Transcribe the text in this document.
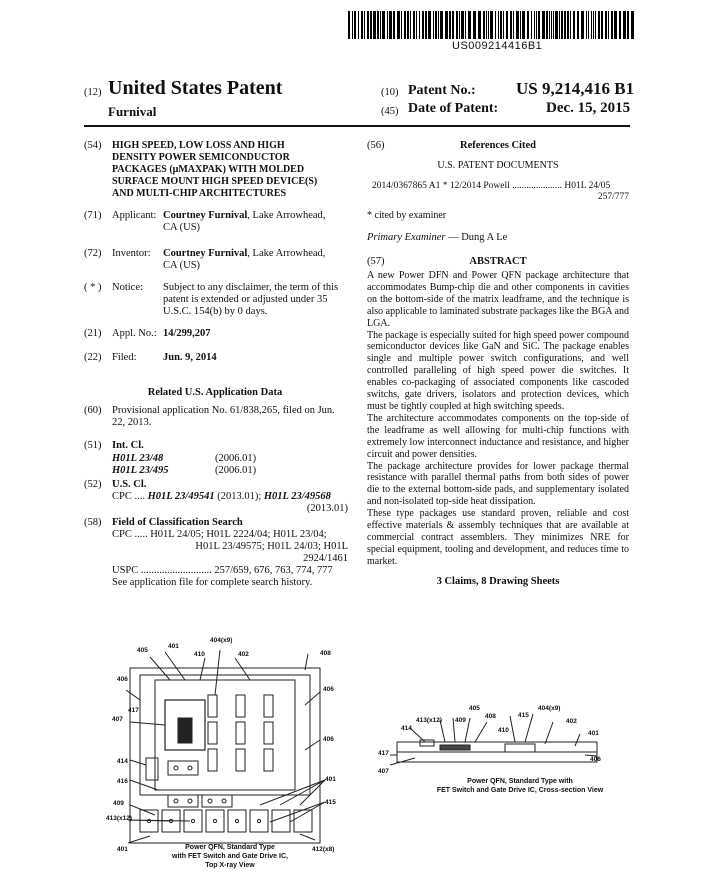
US009214416B1
(12) United States Patent
Furnival
(10) Patent No.: US 9,214,416 B1
(45) Date of Patent:	Dec. 15, 2015
(54) HIGH SPEED, LOW LOSS AND HIGH
DENSITY POWER SEMICONDUCTOR
PACKAGES (μMAXPAK) WITH MOLDED
SURFACE MOUNT HIGH SPEED DEVICE(S)
AND MULTI-CHIP ARCHITECTURES
(71) Applicant: Courtney Furnival, Lake Arrowhead,
CA (US)
(72) Inventor: Courtney Furnival, Lake Arrowhead,
CA (US)
( * ) Notice: Subject to any disclaimer, the term of this
patent is extended or adjusted under 35
U.S.C. 154(b) by 0 days.
(21) Appl. No.: 14/299,207
(22) Filed:	Jun. 9, 2014
Related U.S. Application Data
(60) Provisional application No. 61/838,265, filed on Jun.
22, 2013.
(51) Int. Cl.
H01L 23/48	(2006.01)
H01L 23/495	(2006.01)
(52) U.S. Cl.
CPC .... H01L 23/49541 (2013.01); H01L 23/49568
(2013.01)
(58) Field of Classification Search
CPC ..... H01L 24/05; H01L 2224/04; H01L 23/04;
H01L 23/49575; H01L 24/03; H01L
2924/1461
USPC ........................... 257/659, 676, 763, 774, 777
See application file for complete search history.
(56)	References Cited
U.S. PATENT DOCUMENTS
2014/0367865 A1 * 12/2014 Powell ..................... H01L 24/05
257/777
* cited by examiner
Primary Examiner — Dung A Le
(57)	ABSTRACT

A new Power DFN and Power QFN package architecture that accommodates Bump-chip die and other components in cavities on the bottom-side of the matrix leadframe, and the technique is also applicable to laminated substrate packages like the BGA and LGA.

The package is especially suited for high speed power compound semiconductor devices like GaN and SiC. The package enables single and multiple power switch configurations, and well controlled paralleling of high speed power die switches. It enables co-packaging of associated components like cascoded switchs, gate drivers, isolators and protection devices, which must be tightly coupled at high switching speeds.

The architecture accommodates components on the top-side of the leadframe as well allowing for multi-chip functions with extremely low interconnect inductance and resistance, and higher circuit and power densities.

The package architecture provides for lower package thermal resistance with parallel thermal paths from both sides of power die to the external bottom-side pads, and supplementary isolated and non-isolated top-side heat dissipation.

These type packages use standard proven, reliable and cost effective materials & assembly techniques that are available at commercial contract assemblers. They minimizes NRE for special equipment, tooling and development, and reduces time to market.

3 Claims, 8 Drawing Sheets
404(x9)
405
401
410	402	408
406
406
417
407
406
414
416	401
409	415
413(x12)
401	412(x8)
Power QFN, Standard Type
with FET Switch and Gate Drive IC,
Top X-ray View
405	404(x9)
413(x12) 409
408	415
414	410
402
401
417
406
407
Power QFN, Standard Type with
FET Switch and Gate Drive IC, Cross-section View
